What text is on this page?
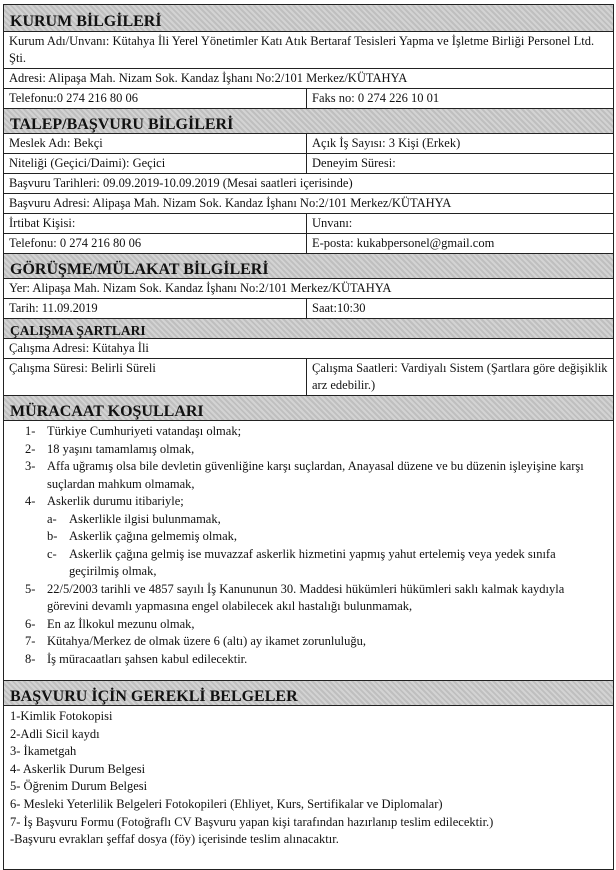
KURUM BİLGİLERİ
Kurum Adı/Unvanı: Kütahya İli Yerel Yönetimler Katı Atık Bertaraf Tesisleri Yapma ve İşletme Birliği Personel Ltd. Şti.
Adresi: Alipaşa Mah. Nizam Sok. Kandaz İşhanı No:2/101 Merkez/KÜTAHYA
Telefonu:0 274 216 80 06	Faks no: 0 274 226 10 01
TALEP/BAŞVURU BİLGİLERİ
Meslek Adı: Bekçi	Açık İş Sayısı: 3 Kişi (Erkek)
Niteliği (Geçici/Daimi): Geçici	Deneyim Süresi:
Başvuru Tarihleri: 09.09.2019-10.09.2019 (Mesai saatleri içerisinde)
Başvuru Adresi: Alipaşa Mah. Nizam Sok. Kandaz İşhanı No:2/101 Merkez/KÜTAHYA
İrtibat Kişisi:	Unvanı:
Telefonu: 0 274 216 80 06	E-posta: kukabpersonel@gmail.com
GÖRÜŞME/MÜLAKAT BİLGİLERİ
Yer: Alipaşa Mah. Nizam Sok. Kandaz İşhanı No:2/101 Merkez/KÜTAHYA
Tarih: 11.09.2019	Saat:10:30
ÇALIŞMA ŞARTLARI
Çalışma Adresi: Kütahya İli
Çalışma Süresi: Belirli Süreli	Çalışma Saatleri: Vardiyalı Sistem (Şartlara göre değişiklik arz edebilir.)
MÜRACAAT KOŞULLARI
1- Türkiye Cumhuriyeti vatandaşı olmak;
2- 18 yaşını tamamlamış olmak,
3- Affa uğramış olsa bile devletin güvenliğine karşı suçlardan, Anayasal düzene ve bu düzenin işleyişine karşı suçlardan mahkum olmamak,
4- Askerlik durumu itibariyle;
a- Askerlikle ilgisi bulunmamak,
b- Askerlik çağına gelmemiş olmak,
c- Askerlik çağına gelmiş ise muvazzaf askerlik hizmetini yapmış yahut ertelemiş veya yedek sınıfa geçirilmiş olmak,
5- 22/5/2003 tarihli ve 4857 sayılı İş Kanununun 30. Maddesi hükümleri hükümleri saklı kalmak kaydıyla görevini devamlı yapmasına engel olabilecek akıl hastalığı bulunmamak,
6- En az İlkokul mezunu olmak,
7- Kütahya/Merkez de olmak üzere 6 (altı) ay ikamet zorunluluğu,
8- İş müracaatları şahsen kabul edilecektir.
BAŞVURU İÇİN GEREKLİ BELGELER
1-Kimlik Fotokopisi
2-Adli Sicil kaydı
3- İkametgah
4- Askerlik Durum Belgesi
5- Öğrenim Durum Belgesi
6- Mesleki Yeterlilik Belgeleri Fotokopileri (Ehliyet, Kurs, Sertifikalar ve Diplomalar)
7- İş Başvuru Formu (Fotoğraflı CV Başvuru yapan kişi tarafından hazırlanıp teslim edilecektir.)
-Başvuru evrakları şeffaf dosya (föy) içerisinde teslim alınacaktır.
